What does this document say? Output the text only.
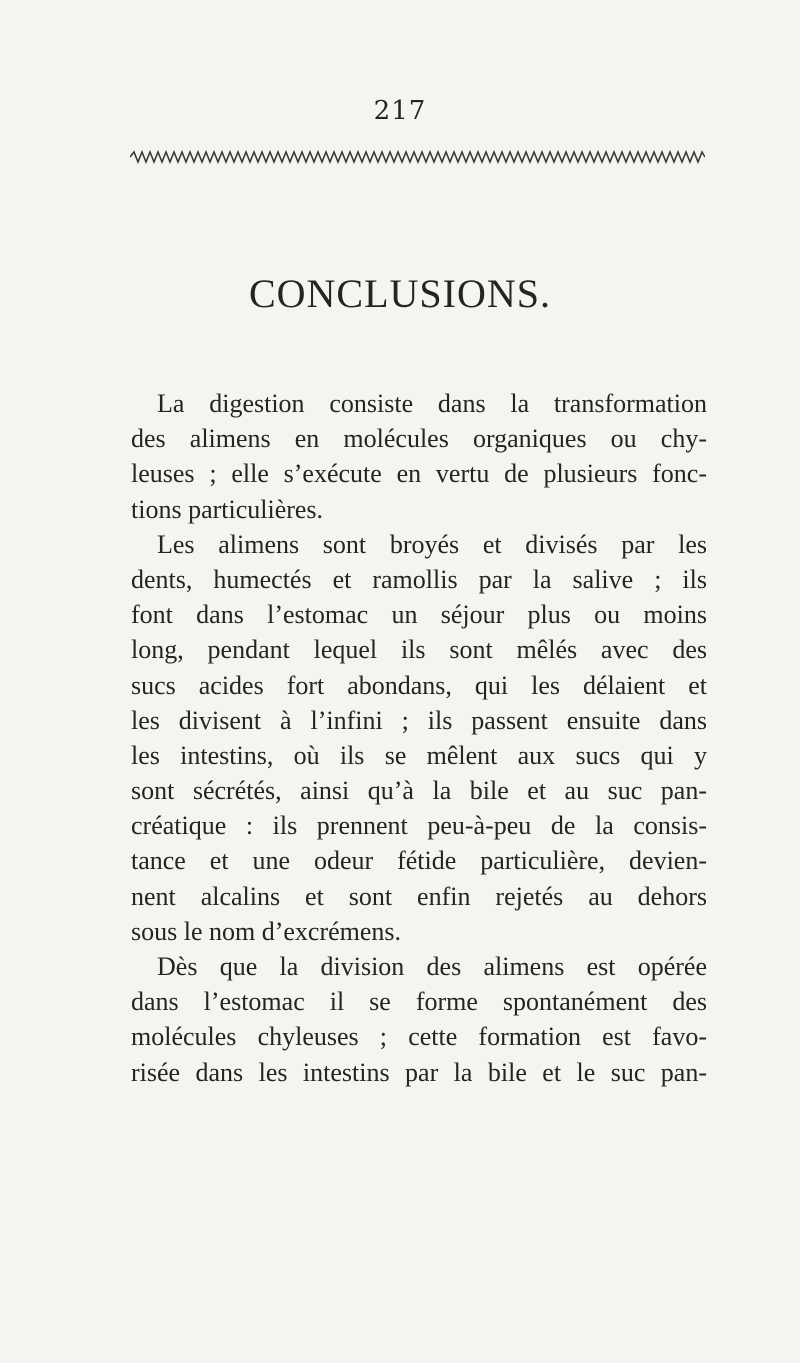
217
CONCLUSIONS.

La digestion consiste dans la transformation
des alimens en molécules organiques ou chy-
leuses ; elle s’exécute en vertu de plusieurs fonc-
tions particulières.

Les alimens sont broyés et divisés par les
dents, humectés et ramollis par la salive ; ils
font dans l’estomac un séjour plus ou moins
long, pendant lequel ils sont mêlés avec des
sucs acides fort abondans, qui les délaient et
les divisent à l’infini ; ils passent ensuite dans
les intestins, où ils se mêlent aux sucs qui y
sont sécrétés, ainsi qu’à la bile et au suc pan-
créatique : ils prennent peu-à-peu de la consis-
tance et une odeur fétide particulière, devien-
nent alcalins et sont enfin rejetés au dehors
sous le nom d’excrémens.

Dès que la division des alimens est opérée
dans l’estomac il se forme spontanément des
molécules chyleuses ; cette formation est favo-
risée dans les intestins par la bile et le suc pan-
